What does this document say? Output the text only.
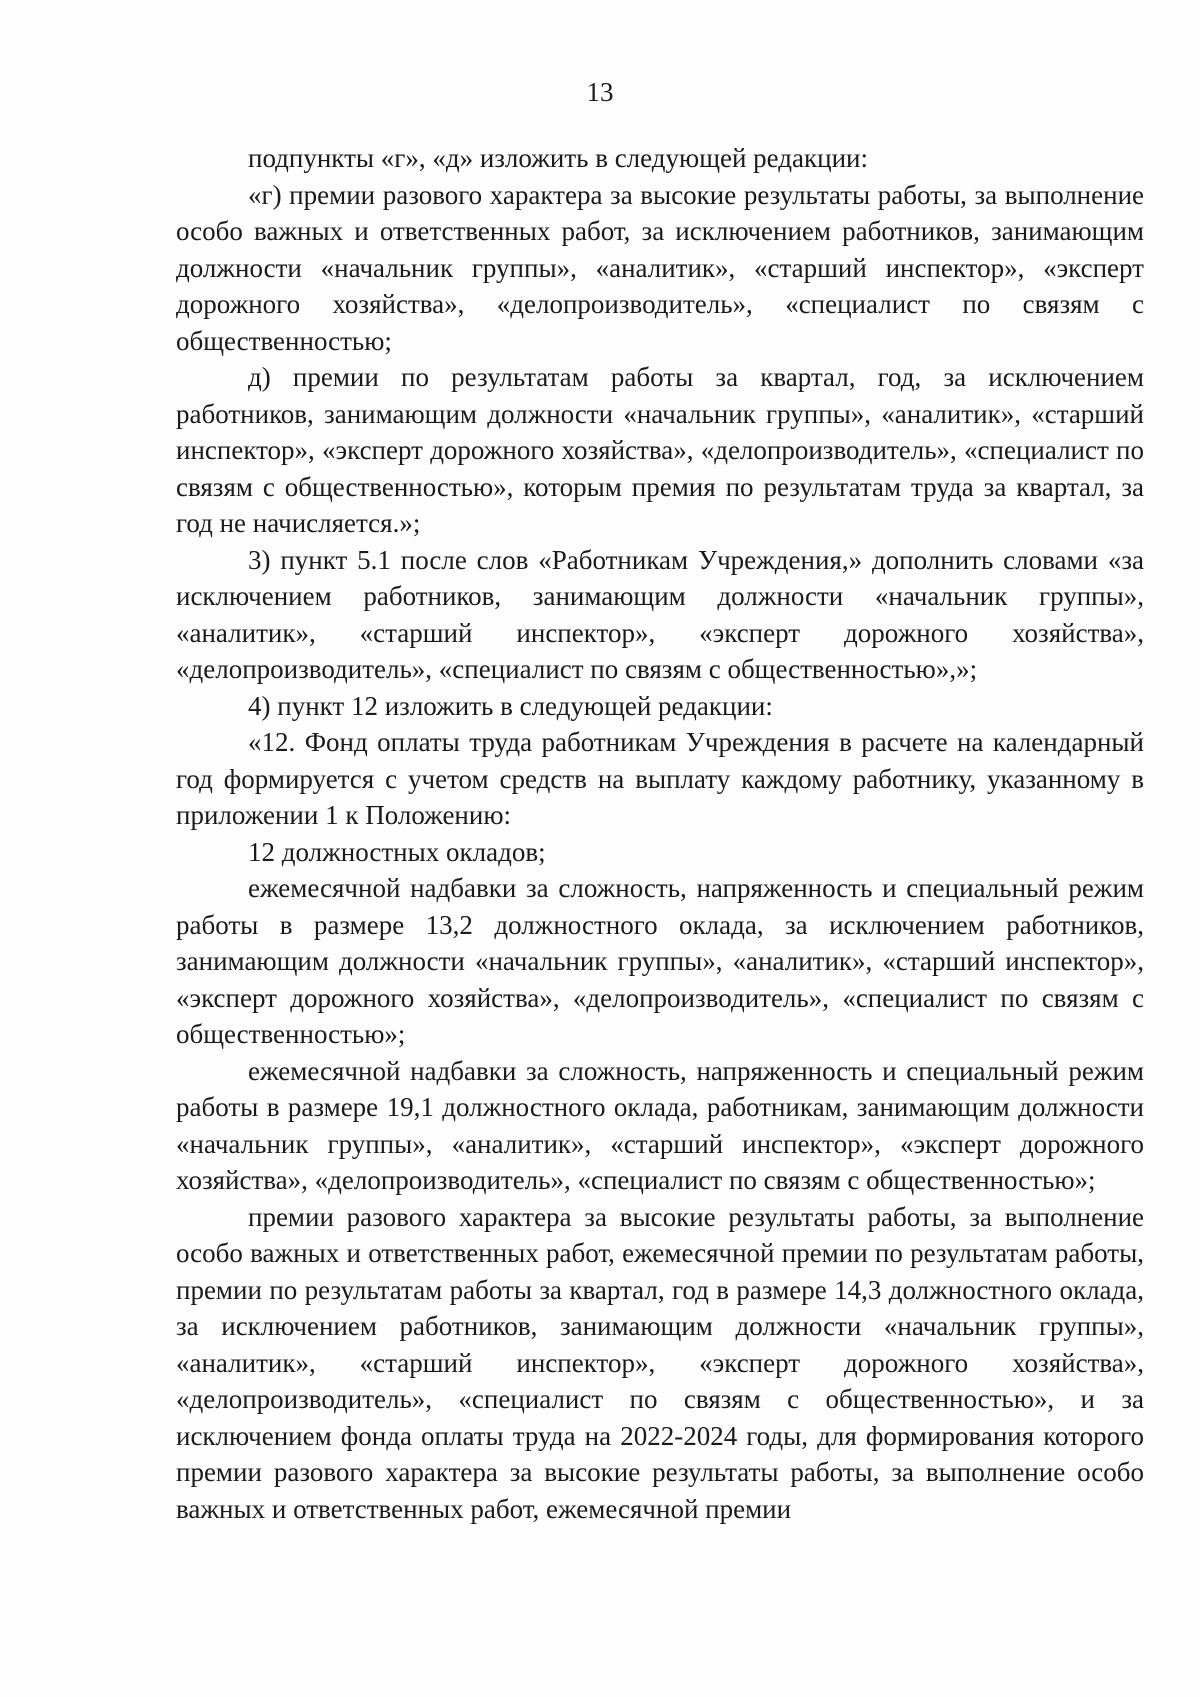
13

подпункты «г», «д» изложить в следующей редакции:

«г) премии разового характера за высокие результаты работы, за выполнение особо важных и ответственных работ, за исключением работников, занимающим должности «начальник группы», «аналитик», «старший инспектор», «эксперт дорожного хозяйства», «делопроизводитель», «специалист по связям с общественностью;

д) премии по результатам работы за квартал, год, за исключением работников, занимающим должности «начальник группы», «аналитик», «старший инспектор», «эксперт дорожного хозяйства», «делопроизводитель», «специалист по связям с общественностью», которым премия по результатам труда за квартал, за год не начисляется.»;

3) пункт 5.1 после слов «Работникам Учреждения,» дополнить словами «за исключением работников, занимающим должности «начальник группы», «аналитик», «старший инспектор», «эксперт дорожного хозяйства», «делопроизводитель», «специалист по связям с общественностью»,»;

4) пункт 12 изложить в следующей редакции:

«12. Фонд оплаты труда работникам Учреждения в расчете на календарный год формируется с учетом средств на выплату каждому работнику, указанному в приложении 1 к Положению:

12 должностных окладов;

ежемесячной надбавки за сложность, напряженность и специальный режим работы в размере 13,2 должностного оклада, за исключением работников, занимающим должности «начальник группы», «аналитик», «старший инспектор», «эксперт дорожного хозяйства», «делопроизводитель», «специалист по связям с общественностью»;

ежемесячной надбавки за сложность, напряженность и специальный режим работы в размере 19,1 должностного оклада, работникам, занимающим должности «начальник группы», «аналитик», «старший инспектор», «эксперт дорожного хозяйства», «делопроизводитель», «специалист по связям с общественностью»;

премии разового характера за высокие результаты работы, за выполнение особо важных и ответственных работ, ежемесячной премии по результатам работы, премии по результатам работы за квартал, год в размере 14,3 должностного оклада, за исключением работников, занимающим должности «начальник группы», «аналитик», «старший инспектор», «эксперт дорожного хозяйства», «делопроизводитель», «специалист по связям с общественностью», и за исключением фонда оплаты труда на 2022-2024 годы, для формирования которого премии разового характера за высокие результаты работы, за выполнение особо важных и ответственных работ, ежемесячной премии
